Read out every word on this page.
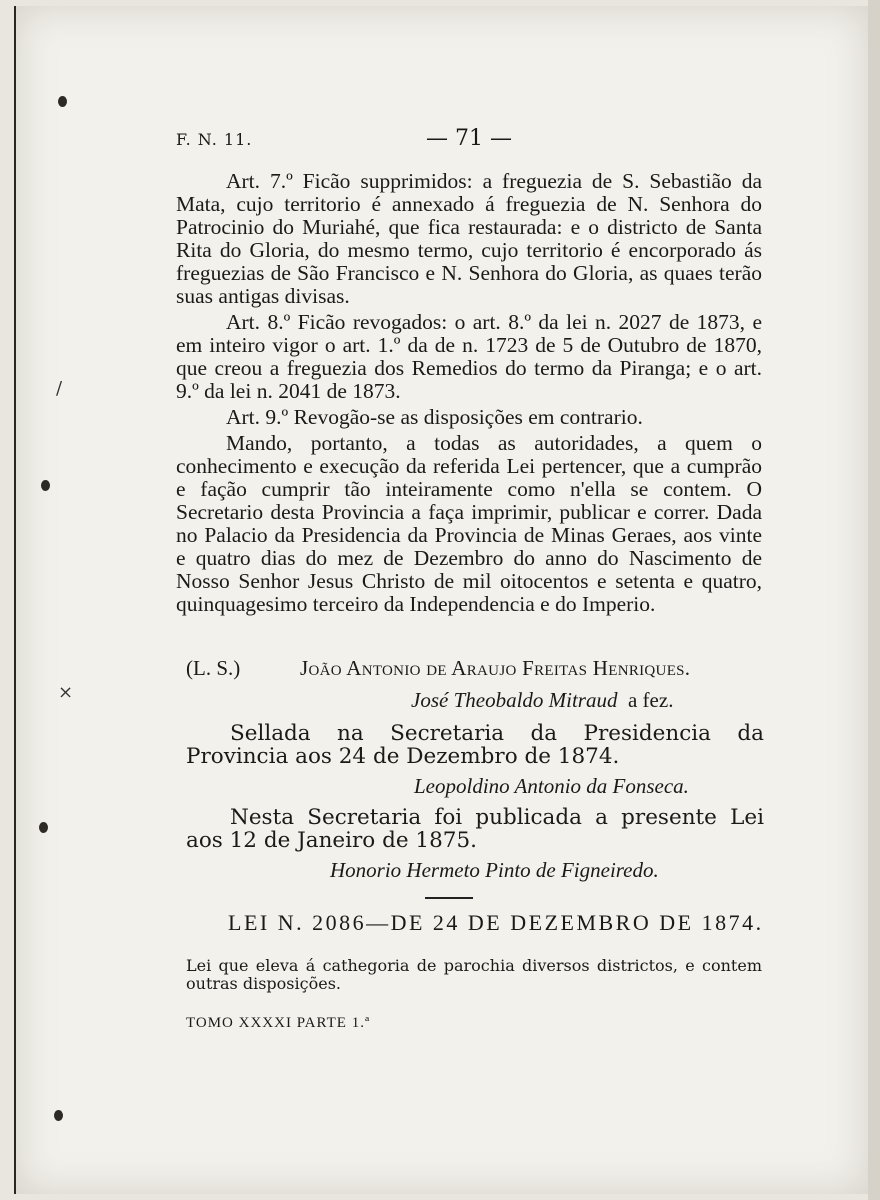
/
×
F. N. 11.	— 71 —

Art. 7.º Ficão supprimidos: a freguezia de S. Sebastião da Mata, cujo territorio é annexado á freguezia de N. Senhora do Patrocinio do Muriahé, que fica restaurada: e o districto de Santa Rita do Gloria, do mesmo termo, cujo territorio é encorporado ás freguezias de São Francisco e N. Senhora do Gloria, as quaes terão suas antigas divisas.

Art. 8.º Ficão revogados: o art. 8.º da lei n. 2027 de 1873, e em inteiro vigor o art. 1.º da de n. 1723 de 5 de Outubro de 1870, que creou a freguezia dos Remedios do termo da Piranga; e o art. 9.º da lei n. 2041 de 1873.

Art. 9.º Revogão-se as disposições em contrario.

Mando, portanto, a todas as autoridades, a quem o conhecimento e execução da referida Lei pertencer, que a cumprão e fação cumprir tão inteiramente como n'ella se contem. O Secretario desta Provincia a faça imprimir, publicar e correr. Dada no Palacio da Presidencia da Provincia de Minas Geraes, aos vinte e quatro dias do mez de Dezembro do anno do Nascimento de Nosso Senhor Jesus Christo de mil oitocentos e setenta e quatro, quinquagesimo terceiro da Independencia e do Imperio.

(L. S.)	João Antonio de Araujo Freitas Henriques.
José Theobaldo Mitraud a fez.

Sellada na Secretaria da Presidencia da Provincia aos 24 de Dezembro de 1874.

Leopoldino Antonio da Fonseca.

Nesta Secretaria foi publicada a presente Lei aos 12 de Janeiro de 1875.

Honorio Hermeto Pinto de Figneiredo.
LEI N. 2086—DE 24 DE DEZEMBRO DE 1874.

Lei que eleva á cathegoria de parochia diversos districtos, e contem outras disposições.

TOMO XXXXI PARTE 1.ª
